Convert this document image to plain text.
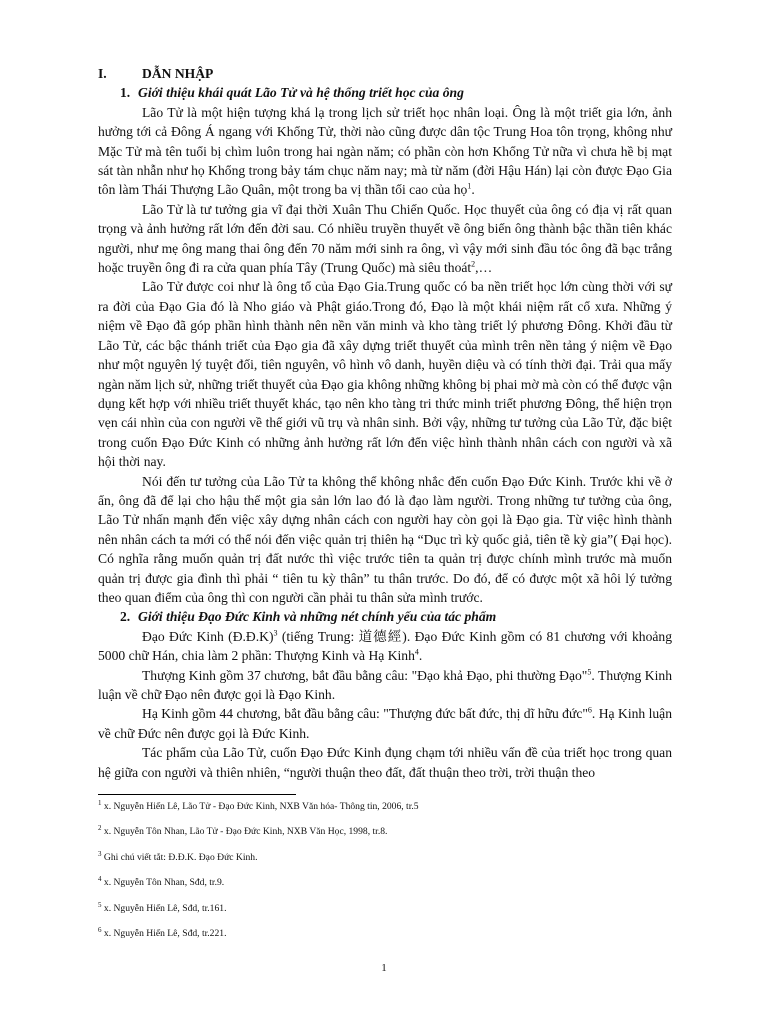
I.	DẪN NHẬP
1. Giới thiệu khái quát Lão Tử và hệ thống triết học của ông

Lão Tử là một hiện tượng khá lạ trong lịch sử triết học nhân loại. Ông là một triết gia lớn, ảnh hưởng tới cả Đông Á ngang với Khổng Tử, thời nào cũng được dân tộc Trung Hoa tôn trọng, không như Mặc Tử mà tên tuổi bị chìm luôn trong hai ngàn năm; có phần còn hơn Khổng Tử nữa vì chưa hề bị mạt sát tàn nhẫn như họ Khổng trong bảy tám chục năm nay; mà từ năm (đời Hậu Hán) lại còn được Đạo Gia tôn làm Thái Thượng Lão Quân, một trong ba vị thần tối cao của họ$^1$.

Lão Tử là tư tưởng gia vĩ đại thời Xuân Thu Chiến Quốc. Học thuyết của ông có địa vị rất quan trọng và ảnh hưởng rất lớn đến đời sau. Có nhiều truyền thuyết về ông biến ông thành bậc thần tiên khác người, như mẹ ông mang thai ông đến 70 năm mới sinh ra ông, vì vậy mới sinh đầu tóc ông đã bạc trắng hoặc truyền ông đi ra cửa quan phía Tây (Trung Quốc) mà siêu thoát$^2$,…

Lão Tử được coi như là ông tổ của Đạo Gia.Trung quốc có ba nền triết học lớn cùng thời với sự ra đời của Đạo Gia đó là Nho giáo và Phật giáo.Trong đó, Đạo là một khái niệm rất cổ xưa. Những ý niệm về Đạo đã góp phần hình thành nên nền văn minh và kho tàng triết lý phương Đông. Khởi đầu từ Lão Tử, các bậc thánh triết của Đạo gia đã xây dựng triết thuyết của mình trên nền tảng ý niệm về Đạo như một nguyên lý tuyệt đối, tiên nguyên, vô hình vô danh, huyền diệu và có tính thời đại. Trải qua mấy ngàn năm lịch sử, những triết thuyết của Đạo gia không những không bị phai mờ mà còn có thể được vận dụng kết hợp với nhiều triết thuyết khác, tạo nên kho tàng tri thức minh triết phương Đông, thể hiện trọn vẹn cái nhìn của con người về thế giới vũ trụ và nhân sinh. Bởi vậy, những tư tưởng của Lão Tử, đặc biệt trong cuốn Đạo Đức Kinh có những ảnh hưởng rất lớn đến việc hình thành nhân cách con người và xã hội thời nay.

Nói đến tư tưởng của Lão Tử ta không thể không nhắc đến cuốn Đạo Đức Kinh. Trước khi về ở ẩn, ông đã để lại cho hậu thế một gia sản lớn lao đó là đạo làm người. Trong những tư tưởng của ông, Lão Tử nhấn mạnh đến việc xây dựng nhân cách con người hay còn gọi là Đạo gia. Từ việc hình thành nên nhân cách ta mới có thể nói đến việc quản trị thiên hạ “Dục trì kỳ quốc giả, tiên tề kỳ gia”( Đại học). Có nghĩa rằng muốn quản trị đất nước thì việc trước tiên ta quản trị được chính mình trước mà muốn quản trị được gia đình thì phải “ tiên tu kỳ thân” tu thân trước. Do đó, để có được một xã hôi lý tưởng theo quan điểm của ông thì con người cần phải tu thân sửa mình trước.

2. Giới thiệu Đạo Đức Kinh và những nét chính yếu của tác phẩm

Đạo Đức Kinh (Đ.Đ.K)$^3$ (tiếng Trung: 道德經). Đạo Đức Kinh gồm có 81 chương với khoảng 5000 chữ Hán, chia làm 2 phần: Thượng Kinh và Hạ Kinh$^4$.

Thượng Kinh gồm 37 chương, bắt đầu bằng câu: "Đạo khả Đạo, phi thường Đạo"$^5$. Thượng Kinh luận về chữ Đạo nên được gọi là Đạo Kinh.

Hạ Kinh gồm 44 chương, bắt đầu bằng câu: "Thượng đức bất đức, thị dĩ hữu đức"$^6$. Hạ Kinh luận về chữ Đức nên được gọi là Đức Kinh.

Tác phẩm của Lão Tử, cuốn Đạo Đức Kinh đụng chạm tới nhiều vấn đề của triết học trong quan hệ giữa con người và thiên nhiên, “người thuận theo đất, đất thuận theo trời, trời thuận theo

$^1$ x. Nguyễn Hiến Lê, Lão Tử - Đạo Đức Kinh, NXB Văn hóa- Thông tin, 2006, tr.5

$^2$ x. Nguyễn Tôn Nhan, Lão Tử - Đạo Đức Kinh, NXB Văn Học, 1998, tr.8.

$^3$ Ghi chú viết tắt: Đ.Đ.K. Đạo Đức Kinh.

$^4$ x. Nguyễn Tôn Nhan, Sđd, tr.9.

$^5$ x. Nguyễn Hiến Lê, Sđd, tr.161.

$^6$ x. Nguyễn Hiến Lê, Sđd, tr.221.

1
